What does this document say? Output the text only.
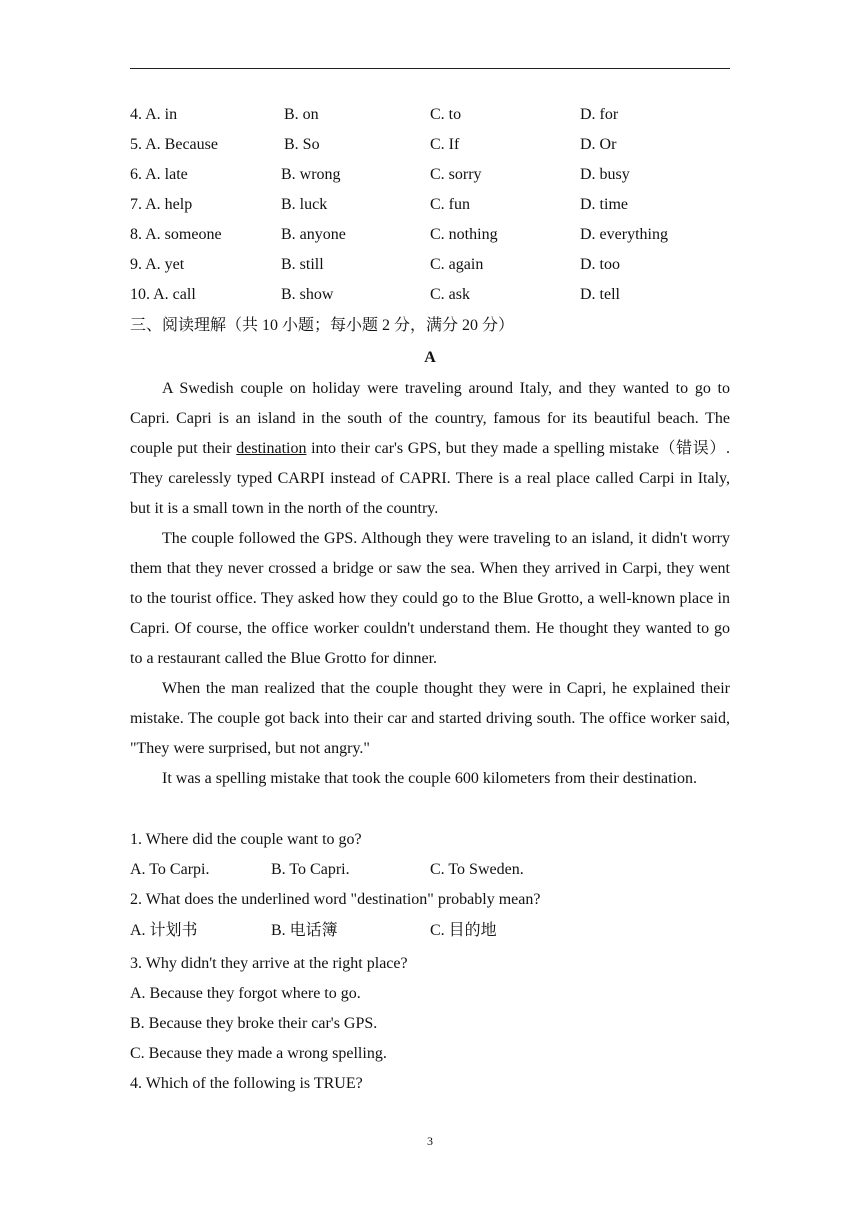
4. A. in	B. on	C. to	D. for
5. A. Because	B. So	C. If	D. Or
6. A. late	B. wrong	C. sorry	D. busy
7. A. help	B. luck	C. fun	D. time
8. A. someone	B. anyone	C. nothing	D. everything
9. A. yet	B. still	C. again	D. too
10. A. call	B. show	C. ask	D. tell
三、阅读理解（共 10 小题；每小题 2 分，满分 20 分）
A

A Swedish couple on holiday were traveling around Italy, and they wanted to go to Capri. Capri is an island in the south of the country, famous for its beautiful beach. The couple put their destination into their car's GPS, but they made a spelling mistake（错误）. They carelessly typed CARPI instead of CAPRI. There is a real place called Carpi in Italy, but it is a small town in the north of the country.

The couple followed the GPS. Although they were traveling to an island, it didn't worry them that they never crossed a bridge or saw the sea. When they arrived in Carpi, they went to the tourist office. They asked how they could go to the Blue Grotto, a well-known place in Capri. Of course, the office worker couldn't understand them. He thought they wanted to go to a restaurant called the Blue Grotto for dinner.

When the man realized that the couple thought they were in Capri, he explained their mistake. The couple got back into their car and started driving south. The office worker said, "They were surprised, but not angry."

It was a spelling mistake that took the couple 600 kilometers from their destination.

1. Where did the couple want to go?
A. To Carpi.	B. To Capri.	C. To Sweden.
2. What does the underlined word "destination" probably mean?
A. 计划书	B. 电话簿	C. 目的地
3. Why didn't they arrive at the right place?
A. Because they forgot where to go.
B. Because they broke their car's GPS.
C. Because they made a wrong spelling.
4. Which of the following is TRUE?
3
